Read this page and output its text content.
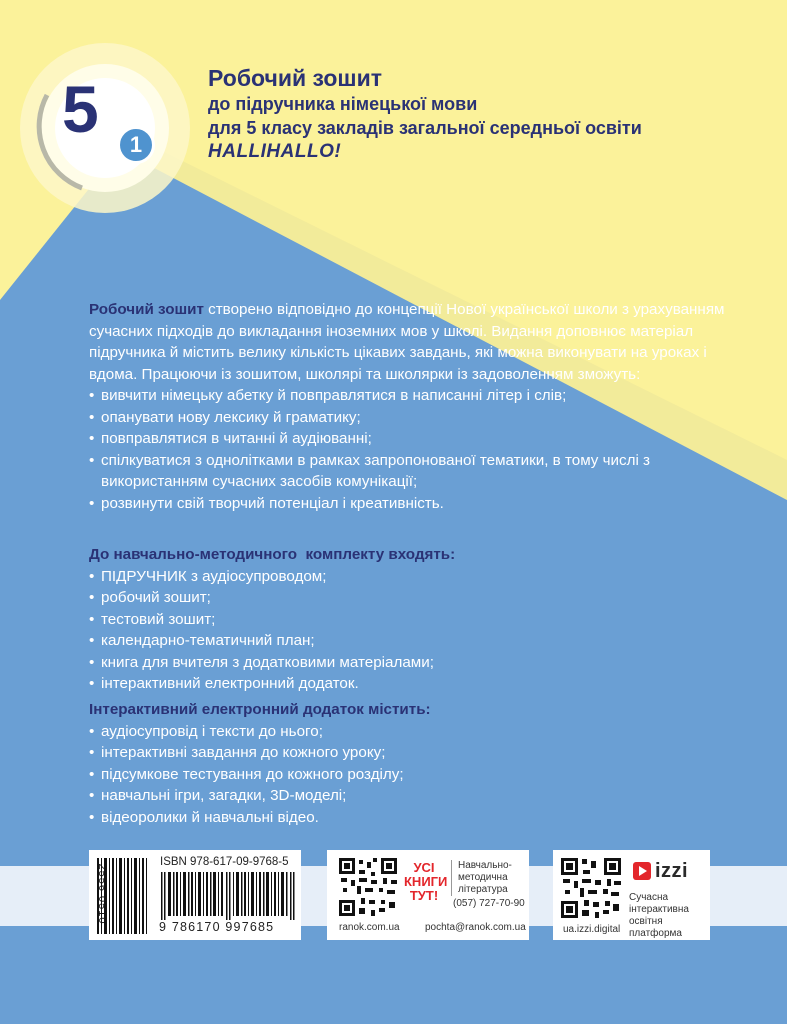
5	1
Робочий зошит
до підручника німецької мови
для 5 класу закладів загальної середньої освіти
HALLIHALLO!

Робочий зошит створено відповідно до концепції Нової української школи з урахуванням сучасних підходів до викладання іноземних мов у школі. Видання доповнює матеріал підручника й містить велику кількість цікавих завдань, які можна виконувати на уроках і вдома. Працюючи із зошитом, школярі та школярки із задоволенням зможуть:

• вивчити німецьку абетку й повправлятися в написанні літер і слів;
• опанувати нову лексику й граматику;
• повправлятися в читанні й аудіюванні;
• спілкуватися з однолітками в рамках запропонованої тематики, в тому числі з використанням сучасних засобів комунікації;
• розвинути свій творчий потенціал і креативність.

До навчально-методичного  комплекту входять:

• ПІДРУЧНИК з аудіосупроводом;
• робочий зошит;
• тестовий зошит;
• календарно-тематичний план;
• книга для вчителя з додатковими матеріалами;
• інтерактивний електронний додаток.

Інтерактивний електронний додаток містить:

• аудіосупровід і тексти до нього;
• інтерактивні завдання до кожного уроку;
• підсумкове тестування до кожного розділу;
• навчальні ігри, загадки, 3D-моделі;
• відеоролики й навчальні відео.
ISBN 978-617-09-9768-5
9 786170 997685
УСІ КНИГИ ТУТ!
Навчально-методична література
(057) 727-70-90
ranok.com.ua	pochta@ranok.com.ua
izzi
Сучасна інтерактивна освітня платформа
ua.izzi.digital
